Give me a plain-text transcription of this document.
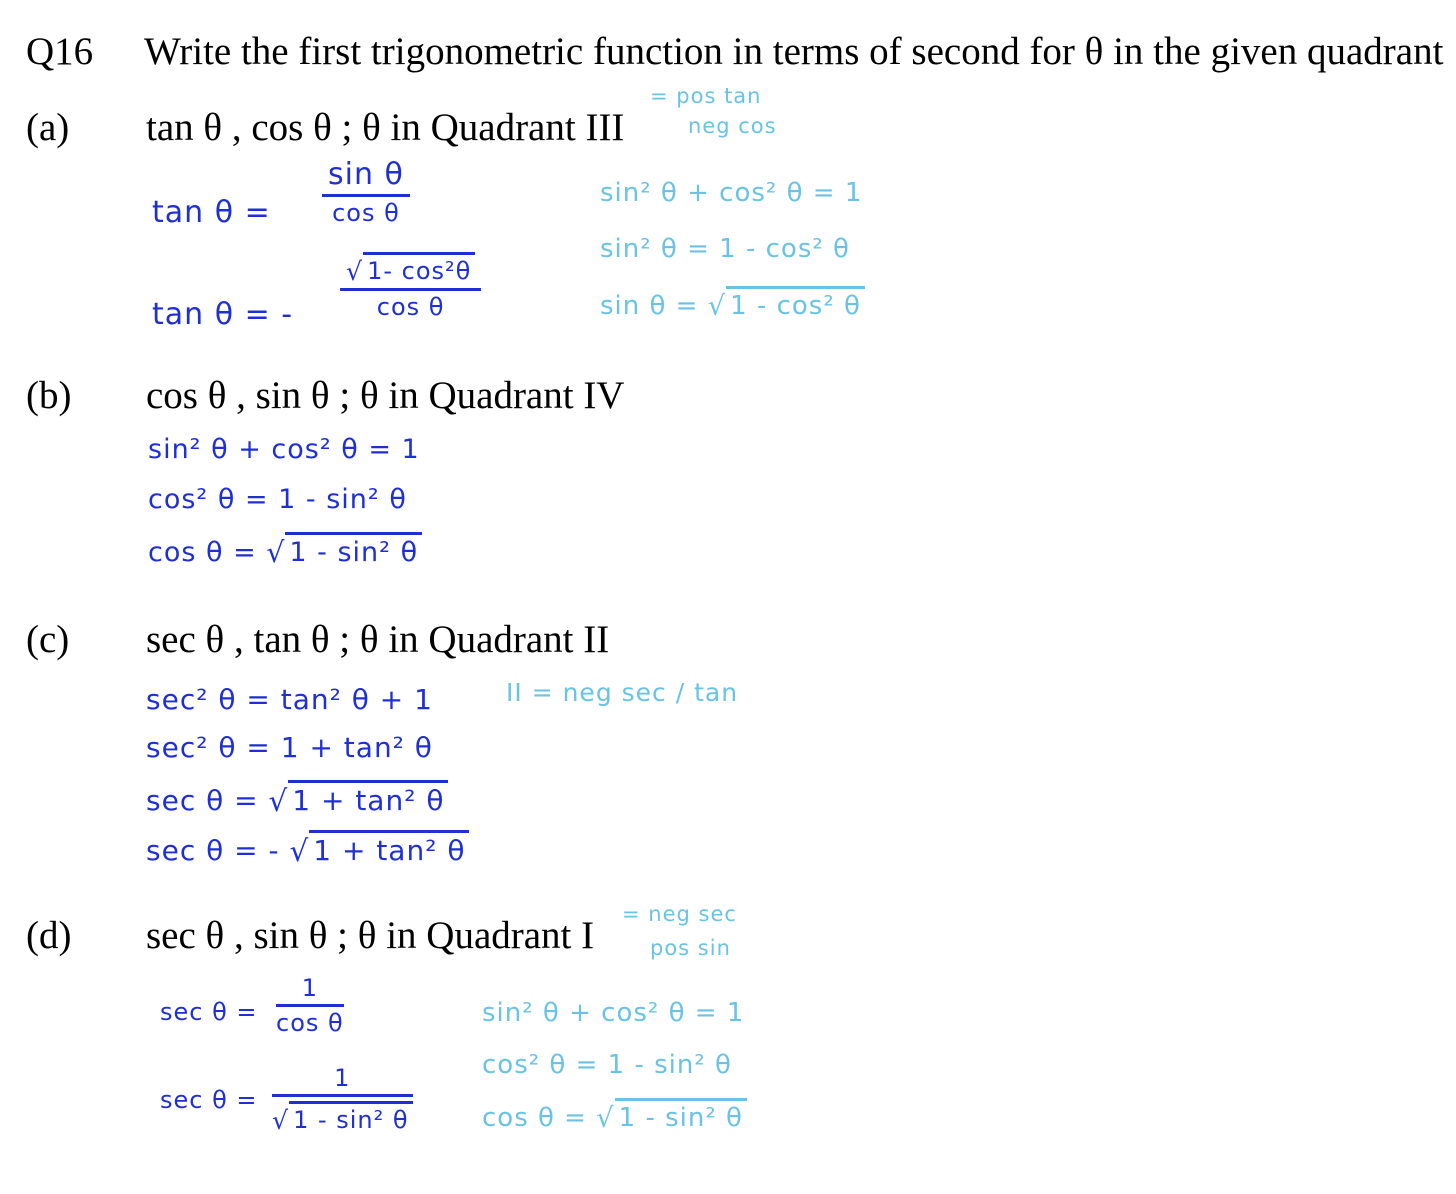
Q16 Write the first trigonometric function in terms of second for θ in the given quadrant
(a) tan θ , cos θ ; θ in Quadrant III
= pos tan
neg cos
tan θ =
sin θ
cos θ
tan θ = -
√ 1- cos²θ
cos θ
sin² θ + cos² θ = 1
sin² θ = 1 - cos² θ
sin θ = √ 1 - cos² θ
(b) cos θ , sin θ ; θ in Quadrant IV
sin² θ + cos² θ = 1
cos² θ = 1 - sin² θ
cos θ = √ 1 - sin² θ
(c) sec θ , tan θ ; θ in Quadrant II
II = neg sec / tan
sec² θ = tan² θ + 1
sec² θ = 1 + tan² θ
sec θ = √ 1 + tan² θ
sec θ = - √ 1 + tan² θ
(d) sec θ , sin θ ; θ in Quadrant I = neg sec
pos sin
sec θ =
1
cos θ
sec θ =
1
√ 1 - sin² θ
sin² θ + cos² θ = 1
cos² θ = 1 - sin² θ
cos θ = √ 1 - sin² θ
